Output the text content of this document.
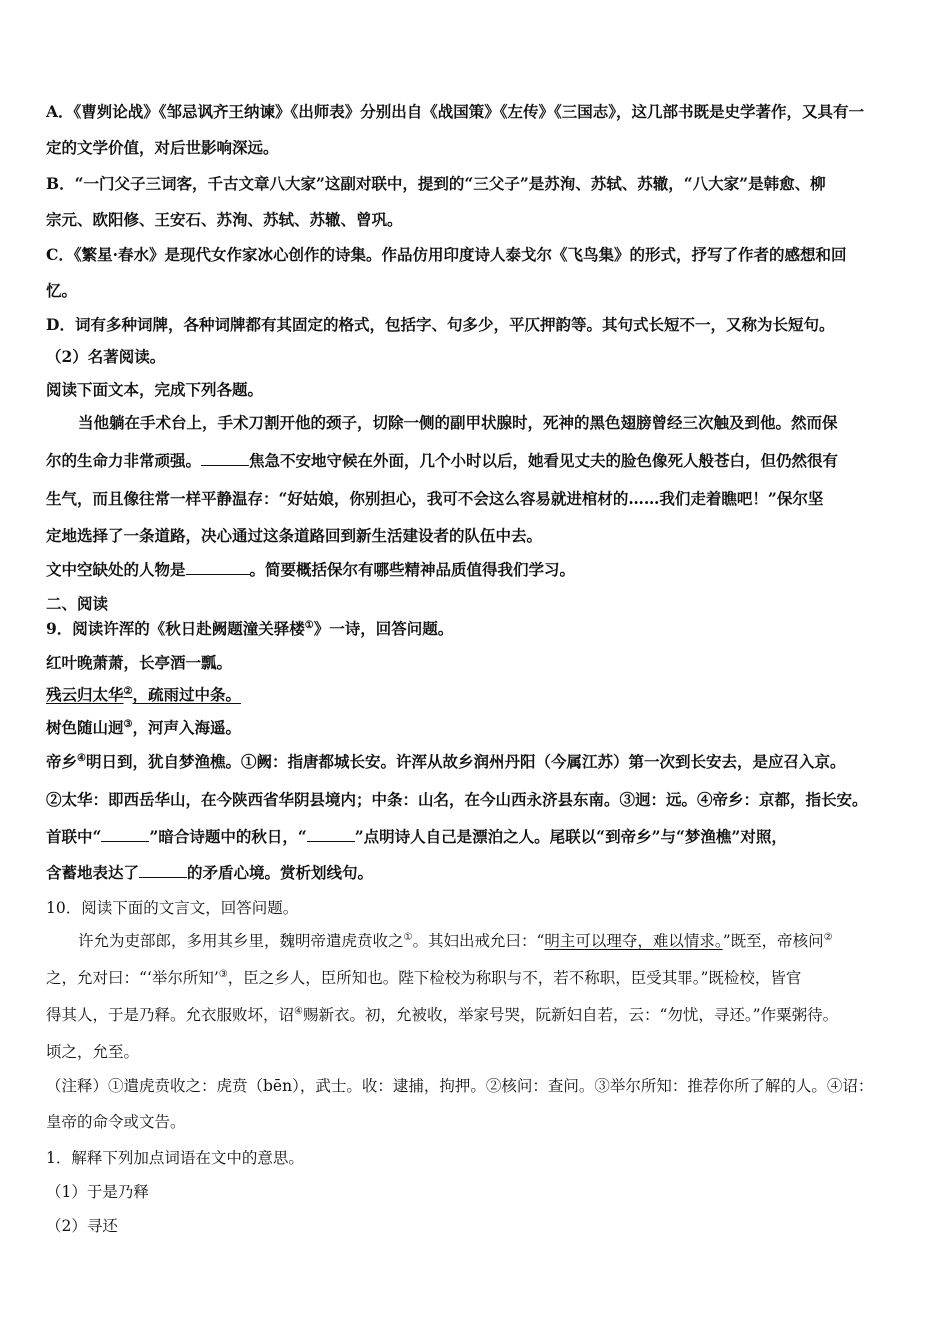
A．《曹刿论战》《邹忌讽齐王纳谏》《出师表》分别出自《战国策》《左传》《三国志》，这几部书既是史学著作，又具有一
定的文学价值，对后世影响深远。
B．“一门父子三词客，千古文章八大家”这副对联中，提到的“三父子”是苏洵、苏轼、苏辙，“八大家”是韩愈、柳
宗元、欧阳修、王安石、苏洵、苏轼、苏辙、曾巩。
C．《繁星·春水》是现代女作家冰心创作的诗集。作品仿用印度诗人泰戈尔《飞鸟集》的形式，抒写了作者的感想和回
忆。
D．词有多种词牌，各种词牌都有其固定的格式，包括字、句多少，平仄押韵等。其句式长短不一，又称为长短句。
（2）名著阅读。
阅读下面文本，完成下列各题。
当他躺在手术台上，手术刀割开他的颈子，切除一侧的副甲状腺时，死神的黑色翅膀曾经三次触及到他。然而保
尔的生命力非常顽强。	焦急不安地守候在外面，几个小时以后，她看见丈夫的脸色像死人般苍白，但仍然很有
生气，而且像往常一样平静温存：“好姑娘，你别担心，我可不会这么容易就进棺材的……我们走着瞧吧！”保尔坚
定地选择了一条道路，决心通过这条道路回到新生活建设者的队伍中去。
文中空缺处的人物是	。简要概括保尔有哪些精神品质值得我们学习。
二、阅读
9．阅读许浑的《秋日赴阙题潼关驿楼①》一诗，回答问题。
红叶晚萧萧，长亭酒一瓢。
残云归太华②，疏雨过中条。
树色随山迥③，河声入海遥。
帝乡④明日到，犹自梦渔樵。①阙：指唐都城长安。许浑从故乡润州丹阳（今属江苏）第一次到长安去，是应召入京。
②太华：即西岳华山，在今陕西省华阴县境内；中条：山名，在今山西永济县东南。③迥：远。④帝乡：京都，指长安。
首联中“	”暗合诗题中的秋日，“	”点明诗人自己是漂泊之人。尾联以“到帝乡”与“梦渔樵”对照，
含蓄地表达了	的矛盾心境。赏析划线句。
10．阅读下面的文言文，回答问题。
许允为吏部郎，多用其乡里，魏明帝遣虎贲收之①。其妇出戒允曰：“明主可以理夺，难以情求。”既至，帝核问②
之，允对曰：“‘举尔所知’③，臣之乡人，臣所知也。陛下检校为称职与不，若不称职，臣受其罪。”既检校，皆官
得其人，于是乃释。允衣服败坏，诏④赐新衣。初，允被收，举家号哭，阮新妇自若，云：“勿忧，寻还。”作粟粥待。
顷之，允至。
（注释）①遣虎贲收之：虎贲（bēn），武士。收：逮捕，拘押。②核问：查问。③举尔所知：推荐你所了解的人。④诏：
皇帝的命令或文告。
1．解释下列加点词语在文中的意思。
（1）于是乃释
（2）寻还
